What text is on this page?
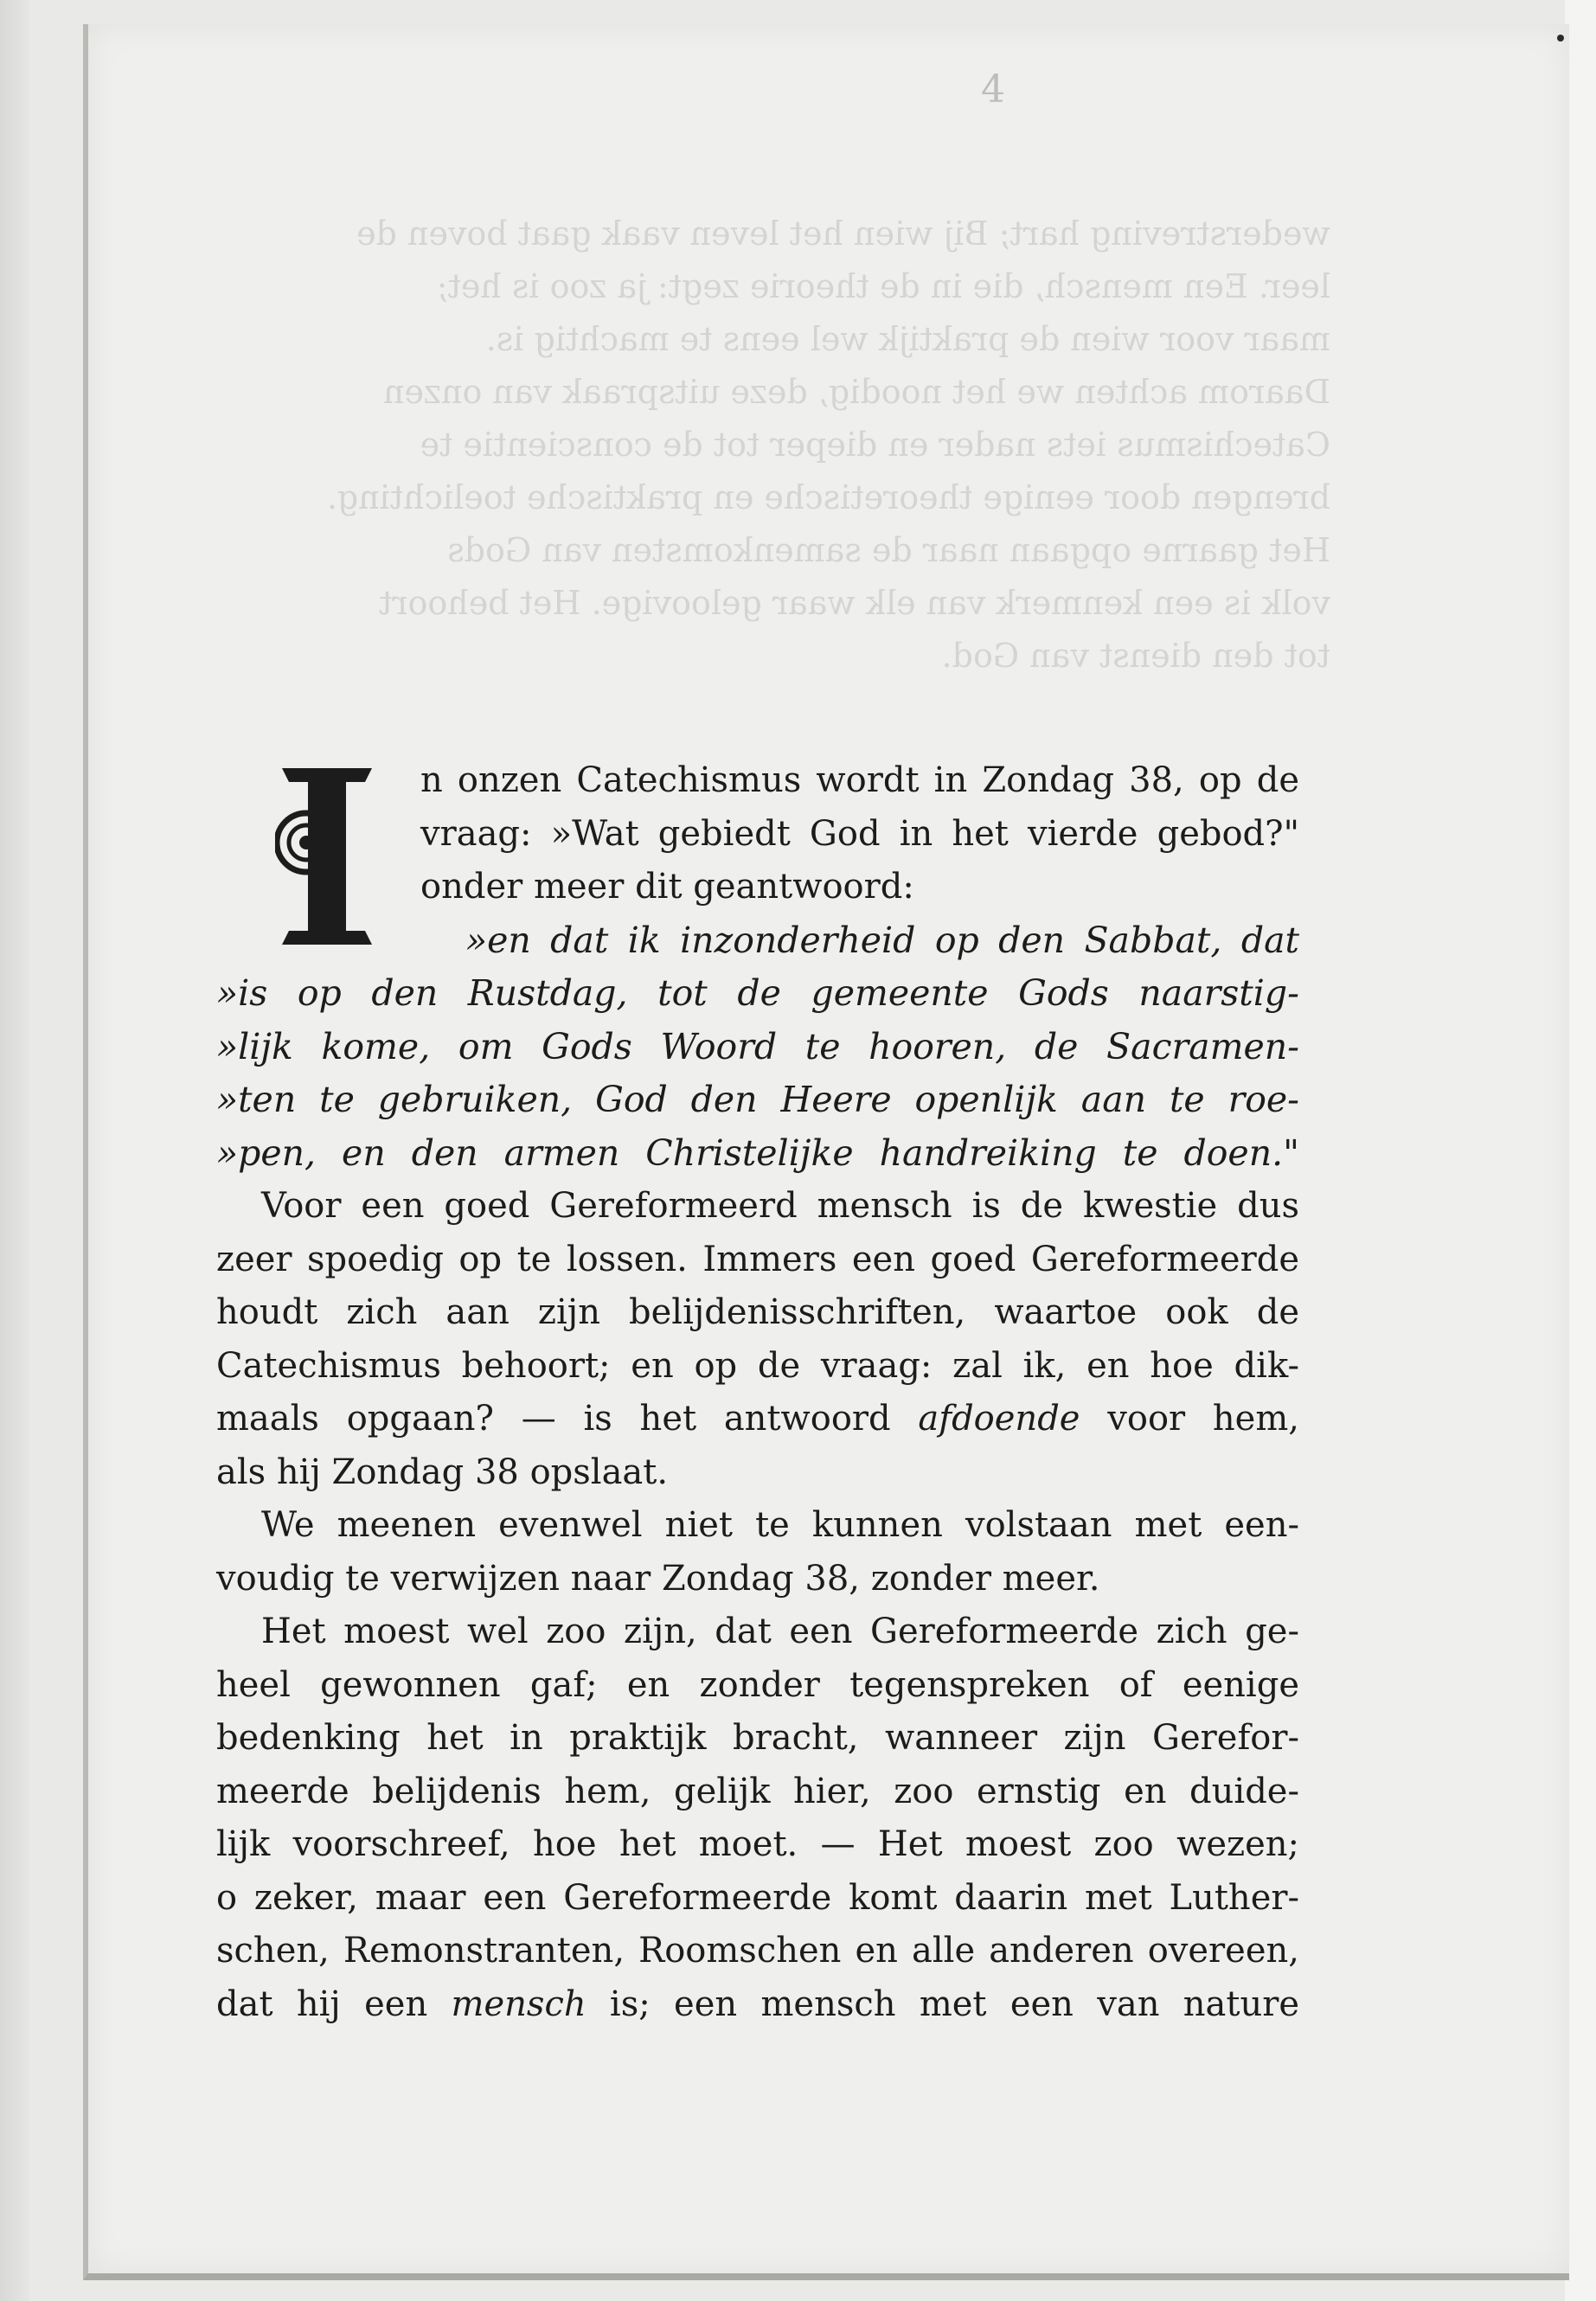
4
wederstreving hart; Bij wien het leven vaak gaat boven de
leer. Een mensch, die in de theorie zegt: ja zoo is het;
maar voor wien de praktijk wel eens te machtig is.
Daarom achten we het noodig, deze uitspraak van onzen
Catechismus iets nader en dieper tot de conscientie te
brengen door eenige theoretische en praktische toelichting.
Het gaarne opgaan naar de samenkomsten van Gods
volk is een kenmerk van elk waar geloovige. Het behoort
tot den dienst van God.
n onzen Catechismus wordt in Zondag 38, op de
vraag: »Wat gebiedt God in het vierde gebod?"
onder meer dit geantwoord:
»en dat ik inzonderheid op den Sabbat, dat
»is op den Rustdag, tot de gemeente Gods naarstig-
»lijk kome, om Gods Woord te hooren, de Sacramen-
»ten te gebruiken, God den Heere openlijk aan te roe-
»pen, en den armen Christelijke handreiking te doen."
Voor een goed Gereformeerd mensch is de kwestie dus
zeer spoedig op te lossen. Immers een goed Gereformeerde
houdt zich aan zijn belijdenisschriften, waartoe ook de
Catechismus behoort; en op de vraag: zal ik, en hoe dik-
maals opgaan? — is het antwoord afdoende voor hem,
als hij Zondag 38 opslaat.
We meenen evenwel niet te kunnen volstaan met een-
voudig te verwijzen naar Zondag 38, zonder meer.
Het moest wel zoo zijn, dat een Gereformeerde zich ge-
heel gewonnen gaf; en zonder tegenspreken of eenige
bedenking het in praktijk bracht, wanneer zijn Gerefor-
meerde belijdenis hem, gelijk hier, zoo ernstig en duide-
lijk voorschreef, hoe het moet. — Het moest zoo wezen;
o zeker, maar een Gereformeerde komt daarin met Luther-
schen, Remonstranten, Roomschen en alle anderen overeen,
dat hij een mensch is; een mensch met een van nature
